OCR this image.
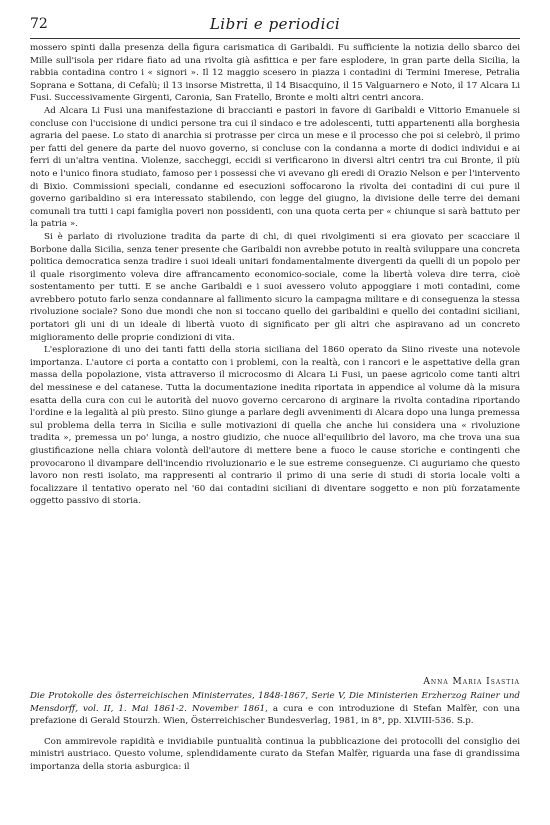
72	Libri e periodici

mossero spinti dalla presenza della figura carismatica di Garibaldi. Fu sufficiente la notizia dello sbarco dei Mille sull'isola per ridare fiato ad una rivolta già asfittica e per fare esplodere, in gran parte della Sicilia, la rabbia contadina contro i « signori ». Il 12 maggio scesero in piazza i contadini di Termini Imerese, Petralia Soprana e Sottana, di Cefalù; il 13 insorse Mistretta, il 14 Bisacquino, il 15 Valguarnero e Noto, il 17 Alcara Li Fusi. Successivamente Girgenti, Caronia, San Fratello, Bronte e molti altri centri ancora.

Ad Alcara Li Fusi una manifestazione di braccianti e pastori in favore di Garibaldi e Vittorio Emanuele si concluse con l'uccisione di undici persone tra cui il sindaco e tre adolescenti, tutti appartenenti alla borghesia agraria del paese. Lo stato di anarchia si protrasse per circa un mese e il processo che poi si celebrò, il primo per fatti del genere da parte del nuovo governo, si concluse con la condanna a morte di dodici individui e ai ferri di un'altra ventina. Violenze, saccheggi, eccidi si verificarono in diversi altri centri tra cui Bronte, il più noto e l'unico finora studiato, famoso per i possessi che vi avevano gli eredi di Orazio Nelson e per l'intervento di Bixio. Commissioni speciali, condanne ed esecuzioni soffocarono la rivolta dei contadini di cui pure il governo garibaldino si era interessato stabilendo, con legge del giugno, la divisione delle terre dei demani comunali tra tutti i capi famiglia poveri non possidenti, con una quota certa per « chiunque si sarà battuto per la patria ».

Si è parlato di rivoluzione tradita da parte di chi, di quei rivolgimenti si era giovato per scacciare il Borbone dalla Sicilia, senza tener presente che Garibaldi non avrebbe potuto in realtà sviluppare una concreta politica democratica senza tradire i suoi ideali unitari fondamentalmente divergenti da quelli di un popolo per il quale risorgimento voleva dire affrancamento economico-sociale, come la libertà voleva dire terra, cioè sostentamento per tutti. E se anche Garibaldi e i suoi avessero voluto appoggiare i moti contadini, come avrebbero potuto farlo senza condannare al fallimento sicuro la campagna militare e di conseguenza la stessa rivoluzione sociale? Sono due mondi che non si toccano quello dei garibaldini e quello dei contadini siciliani, portatori gli uni di un ideale di libertà vuoto di significato per gli altri che aspiravano ad un concreto miglioramento delle proprie condizioni di vita.

L'esplorazione di uno dei tanti fatti della storia siciliana del 1860 operato da Siino riveste una notevole importanza. L'autore ci porta a contatto con i problemi, con la realtà, con i rancori e le aspettative della gran massa della popolazione, vista attraverso il microcosmo di Alcara Li Fusi, un paese agricolo come tanti altri del messinese e del catanese. Tutta la documentazione inedita riportata in appendice al volume dà la misura esatta della cura con cui le autorità del nuovo governo cercarono di arginare la rivolta contadina riportando l'ordine e la legalità al più presto. Siino giunge a parlare degli avvenimenti di Alcara dopo una lunga premessa sul problema della terra in Sicilia e sulle motivazioni di quella che anche lui considera una « rivoluzione tradita », premessa un po' lunga, a nostro giudizio, che nuoce all'equilibrio del lavoro, ma che trova una sua giustificazione nella chiara volontà dell'autore di mettere bene a fuoco le cause storiche e contingenti che provocarono il divampare dell'incendio rivoluzionario e le sue estreme conseguenze. Ci auguriamo che questo lavoro non resti isolato, ma rappresenti al contrario il primo di una serie di studi di storia locale volti a focalizzare il tentativo operato nel '60 dai contadini siciliani di diventare soggetto e non più forzatamente oggetto passivo di storia.

Anna Maria Isastia
Die Protokolle des österreichischen Ministerrates, 1848-1867, Serie V, Die Ministerien Erzherzog Rainer und Mensdorff, vol. II, 1. Mai 1861-2. November 1861, a cura e con introduzione di Stefan Malfèr, con una prefazione di Gerald Stourzh. Wien, Österreichischer Bundesverlag, 1981, in 8°, pp. XLVIII-536. S.p.

Con ammirevole rapidità e invidiabile puntualità continua la pubblicazione dei protocolli del consiglio dei ministri austriaco. Questo volume, splendidamente curato da Stefan Malfèr, riguarda una fase di grandissima importanza della storia asburgica: il
